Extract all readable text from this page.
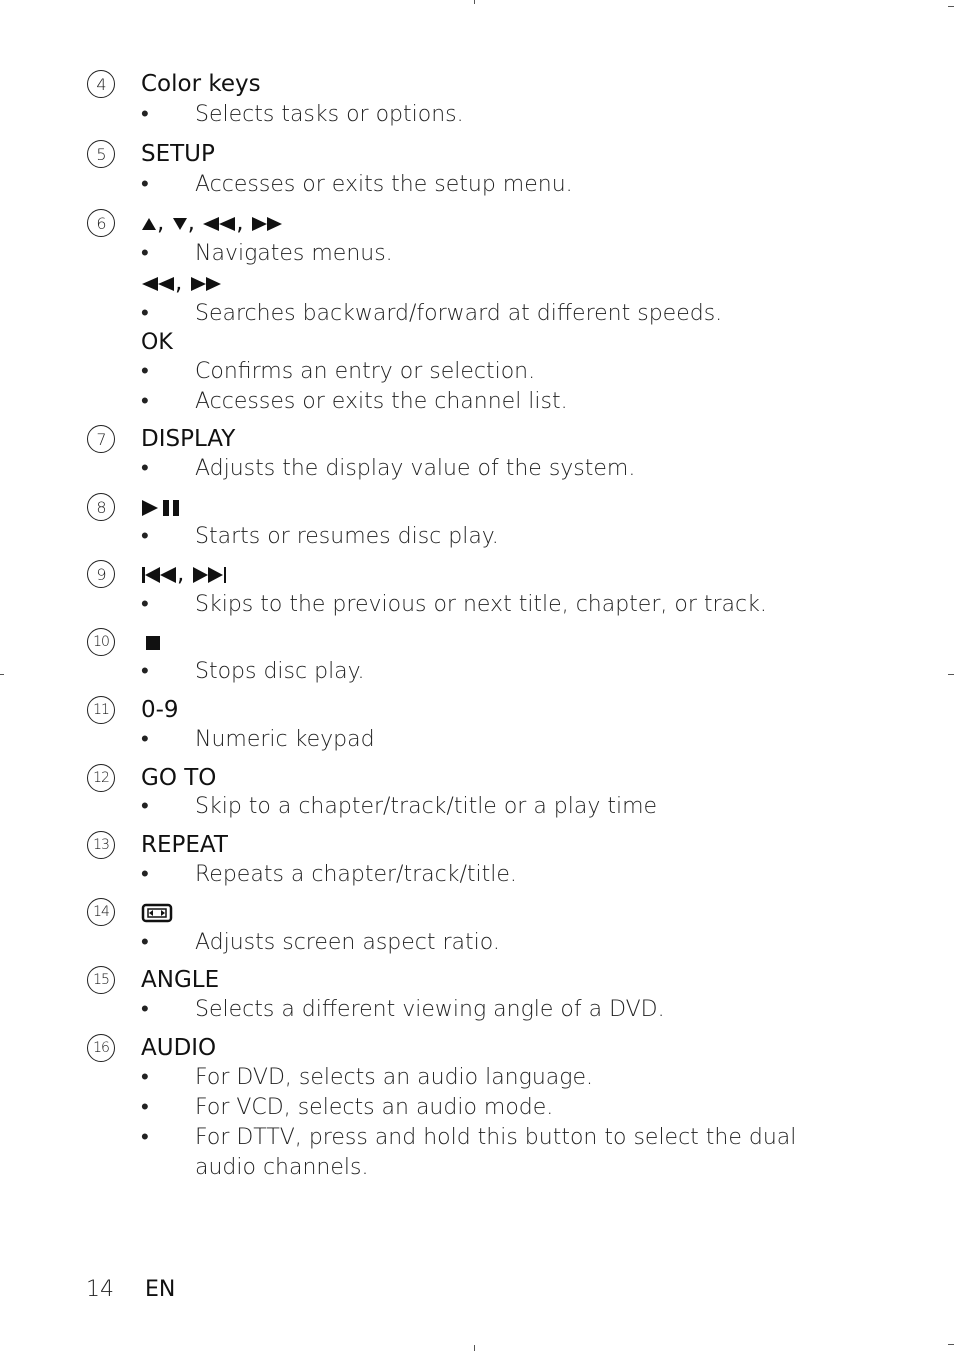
4	Color keys
•	Selects tasks or options.
5	SETUP
•	Accesses or exits the setup menu.
6	, , ,
•	Navigates menus.
,
•	Searches backward/forward at different speeds.
OK
•	Confirms an entry or selection.
•	Accesses or exits the channel list.
7	DISPLAY
•	Adjusts the display value of the system.
8
•	Starts or resumes disc play.
9	,
•	Skips to the previous or next title, chapter, or track.
10
•	Stops disc play.
11 0-9
•	Numeric keypad
12 GO TO
•	Skip to a chapter/track/title or a play time
13 REPEAT
•	Repeats a chapter/track/title.
14
•	Adjusts screen aspect ratio.
15 ANGLE
•	Selects a different viewing angle of a DVD.
16 AUDIO
•	For DVD, selects an audio language.
•	For VCD, selects an audio mode.
•	For DTTV, press and hold this button to select the dual audio channels.
14 EN
